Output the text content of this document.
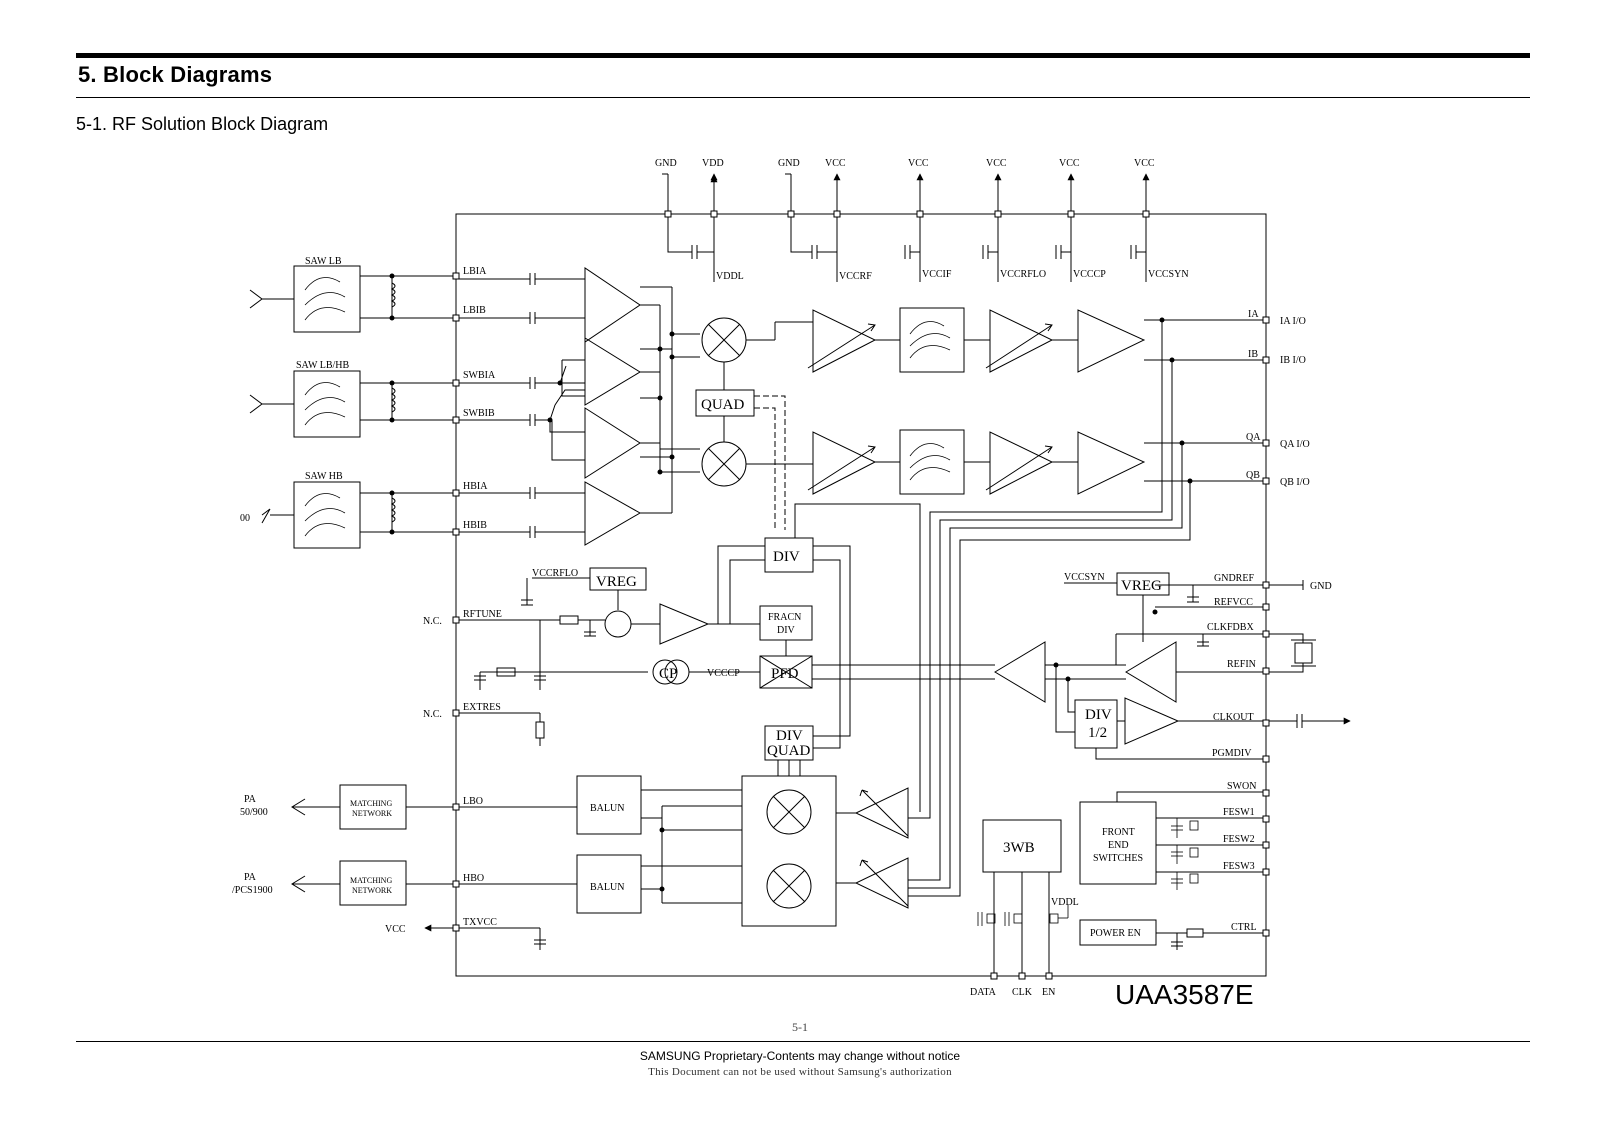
5. Block Diagrams
5-1. RF Solution Block Diagram
GND	VDD	GND	VCC	VCC	VCC	VCC	VCC
VDDL	VCCRF	VCCIF	VCCRFLO	VCCCP	VCCSYN
SAW LB
SAW LB/HB
SAW HB
00
LBIA
LBIB
SWBIA
SWBIB
HBIA
HBIB
RFTUNE
EXTRES
LBO
HBO
TXVCC
N.C.
N.C.
IA
IB
QA
QB
GNDREF
REFVCC
CLKFDBX
REFIN
CLKOUT
PGMDIV
SWON
FESW1
FESW2
FESW3
CTRL
IA I/O
IB I/O
QA I/O
QB I/O
GND
DATA CLK EN
QUAD
DIV
VREG
VCCRFLO
VREG
VCCSYN
FRACN
DIV
PFD
CP	VCCCP
DIV
QUAD
BALUN
BALUN
DIV
1/2
3WB
FRONT
END
SWITCHES
POWER EN
VDDL
MATCHING
NETWORK
MATCHING
NETWORK
PA
50/900
PA
/PCS1900
VCC
UAA3587E
5-1
SAMSUNG Proprietary-Contents may change without notice
This Document can not be used without Samsung's authorization
